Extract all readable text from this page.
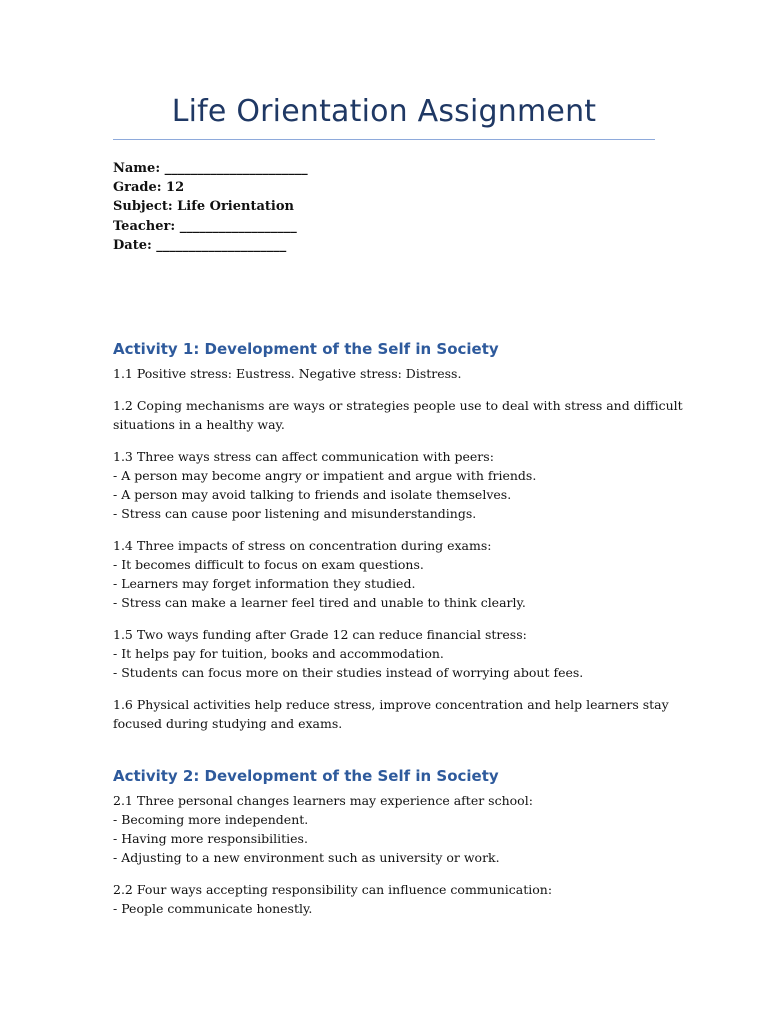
Life Orientation Assignment
Name: ______________________
Grade: 12
Subject: Life Orientation
Teacher: __________________
Date: ____________________
Activity 1: Development of the Self in Society
1.1 Positive stress: Eustress. Negative stress: Distress.
1.2 Coping mechanisms are ways or strategies people use to deal with stress and difficult
situations in a healthy way.
1.3 Three ways stress can affect communication with peers:
- A person may become angry or impatient and argue with friends.
- A person may avoid talking to friends and isolate themselves.
- Stress can cause poor listening and misunderstandings.
1.4 Three impacts of stress on concentration during exams:
- It becomes difficult to focus on exam questions.
- Learners may forget information they studied.
- Stress can make a learner feel tired and unable to think clearly.
1.5 Two ways funding after Grade 12 can reduce financial stress:
- It helps pay for tuition, books and accommodation.
- Students can focus more on their studies instead of worrying about fees.
1.6 Physical activities help reduce stress, improve concentration and help learners stay
focused during studying and exams.
Activity 2: Development of the Self in Society
2.1 Three personal changes learners may experience after school:
- Becoming more independent.
- Having more responsibilities.
- Adjusting to a new environment such as university or work.
2.2 Four ways accepting responsibility can influence communication:
- People communicate honestly.
